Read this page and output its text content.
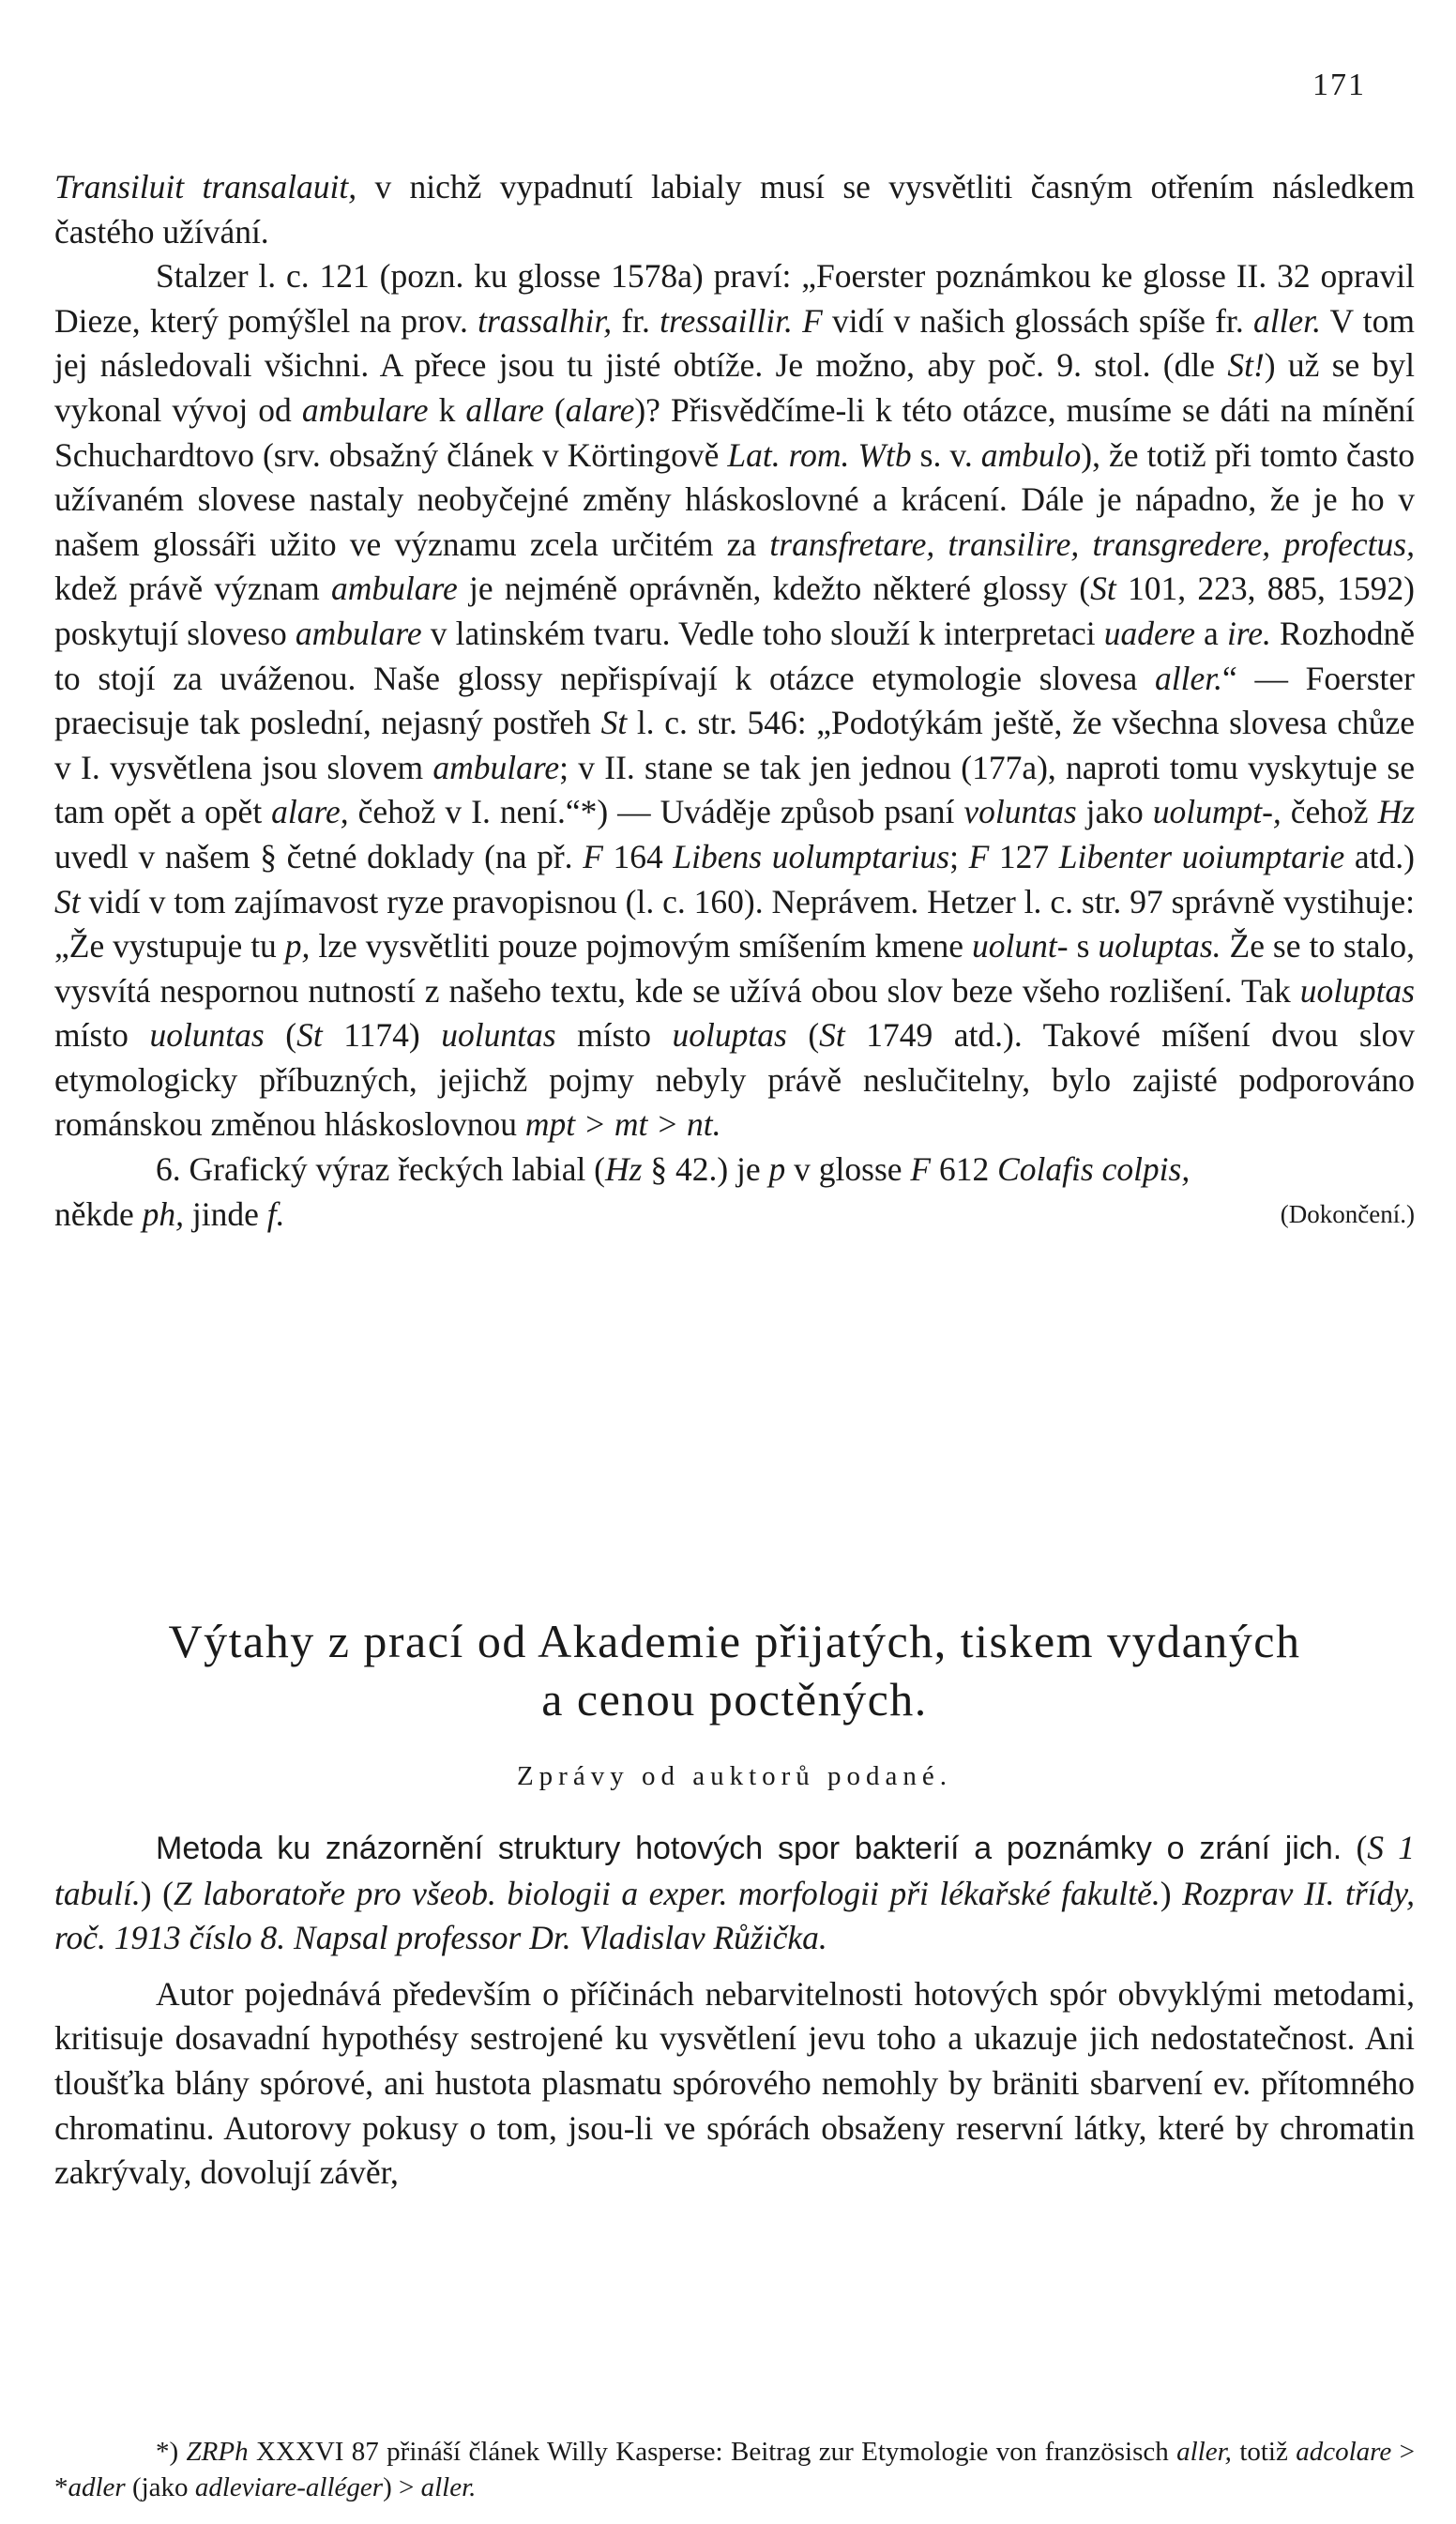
171

Transiluit transalauit, v nichž vypadnutí labialy musí se vysvětliti časným otřením následkem častého užívání.

Stalzer l. c. 121 (pozn. ku glosse 1578a) praví: „Foerster poznámkou ke glosse II. 32 opravil Dieze, který pomýšlel na prov. trassalhir, fr. tressaillir. F vidí v našich glossách spíše fr. aller. V tom jej následovali všichni. A přece jsou tu jisté obtíže. Je možno, aby poč. 9. stol. (dle St!) už se byl vykonal vývoj od ambulare k allare (alare)? Přisvědčíme-li k této otázce, musíme se dáti na mínění Schuchardtovo (srv. obsažný článek v Körtingově Lat. rom. Wtb s. v. ambulo), že totiž při tomto často užívaném slovese nastaly neobyčejné změny hláskoslovné a krácení. Dále je nápadno, že je ho v našem glossáři užito ve významu zcela určitém za transfretare, transilire, transgredere, profectus, kdež právě význam ambulare je nejméně oprávněn, kdežto některé glossy (St 101, 223, 885, 1592) poskytují sloveso ambulare v latinském tvaru. Vedle toho slouží k interpretaci uadere a ire. Rozhodně to stojí za uváženou. Naše glossy nepřispívají k otázce etymologie slovesa aller.“ — Foerster praecisuje tak poslední, nejasný postřeh St l. c. str. 546: „Podotýkám ještě, že všechna slovesa chůze v I. vysvětlena jsou slovem ambulare; v II. stane se tak jen jednou (177a), naproti tomu vyskytuje se tam opět a opět alare, čehož v I. není.“*) — Uváděje způsob psaní voluntas jako uolumpt-, čehož Hz uvedl v našem § četné doklady (na př. F 164 Libens uolumptarius; F 127 Libenter uoiumptarie atd.) St vidí v tom zajímavost ryze pravopisnou (l. c. 160). Neprávem. Hetzer l. c. str. 97 správně vystihuje: „Že vystupuje tu p, lze vysvětliti pouze pojmovým smíšením kmene uolunt- s uoluptas. Že se to stalo, vysvítá nespornou nutností z našeho textu, kde se užívá obou slov beze všeho rozlišení. Tak uoluptas místo uoluntas (St 1174) uoluntas místo uoluptas (St 1749 atd.). Takové míšení dvou slov etymologicky příbuzných, jejichž pojmy nebyly právě neslučitelny, bylo zajisté podporováno románskou změnou hláskoslovnou mpt > mt > nt.

6. Grafický výraz řeckých labial (Hz § 42.) je p v glosse F 612 Colafis colpis,

někde ph, jinde f.	(Dokončení.)
Výtahy z prací od Akademie přijatých, tiskem vydaných
a cenou poctěných.
Zprávy od auktorů podané.

Metoda ku znázornění struktury hotových spor bakterií a poznámky o zrání jich. (S 1 tabulí.) (Z laboratoře pro všeob. biologii a exper. morfologii při lékařské fakultě.) Rozprav II. třídy, roč. 1913 číslo 8. Napsal professor Dr. Vladislav Růžička.

Autor pojednává především o příčinách nebarvitelnosti hotových spór obvyklými metodami, kritisuje dosavadní hypothésy sestrojené ku vysvětlení jevu toho a ukazuje jich nedostatečnost. Ani tloušťka blány spórové, ani hustota plasmatu spórového nemohly by bräniti sbarvení ev. přítomného chromatinu. Autorovy pokusy o tom, jsou-li ve spórách obsaženy reservní látky, které by chromatin zakrývaly, dovolují závěr,

*) ZRPh XXXVI 87 přináší článek Willy Kasperse: Beitrag zur Etymologie von französisch aller, totiž adcolare > *adler (jako adleviare-alléger) > aller.
